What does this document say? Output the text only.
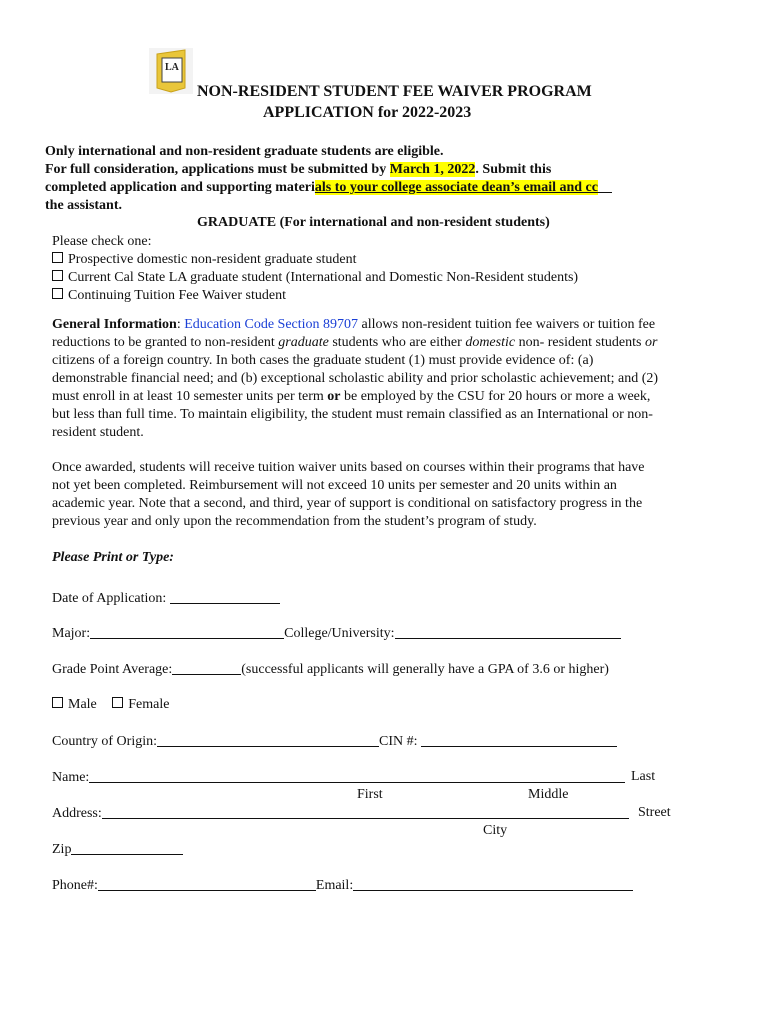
LA
NON-RESIDENT STUDENT FEE WAIVER PROGRAM
APPLICATION for 2022-2023
Only international and non-resident graduate students are eligible.
For full consideration, applications must be submitted by March 1, 2022. Submit this
completed application and supporting materials to your college associate dean’s email and cc
the assistant.
GRADUATE (For international and non-resident students)
Please check one:
Prospective domestic non-resident graduate student
Current Cal State LA graduate student (International and Domestic Non-Resident students)
Continuing Tuition Fee Waiver student
General Information: Education Code Section 89707 allows non-resident tuition fee waivers or tuition fee
reductions to be granted to non-resident graduate students who are either domestic non- resident students or
citizens of a foreign country. In both cases the graduate student (1) must provide evidence of: (a)
demonstrable financial need; and (b) exceptional scholastic ability and prior scholastic achievement; and (2)
must enroll in at least 10 semester units per term or be employed by the CSU for 20 hours or more a week,
but less than full time. To maintain eligibility, the student must remain classified as an International or non-
resident student.
Once awarded, students will receive tuition waiver units based on courses within their programs that have
not yet been completed. Reimbursement will not exceed 10 units per semester and 20 units within an
academic year. Note that a second, and third, year of support is conditional on satisfactory progress in the
previous year and only upon the recommendation from the student’s program of study.
Please Print or Type:
Date of Application:
Major:	College/University:
Grade Point Average:	(successful applicants will generally have a GPA of 3.6 or higher)
Male Female
Country of Origin:	CIN #:
Name:	Last
First	Middle
Address:	Street
City
Zip
Phone#:	Email:
